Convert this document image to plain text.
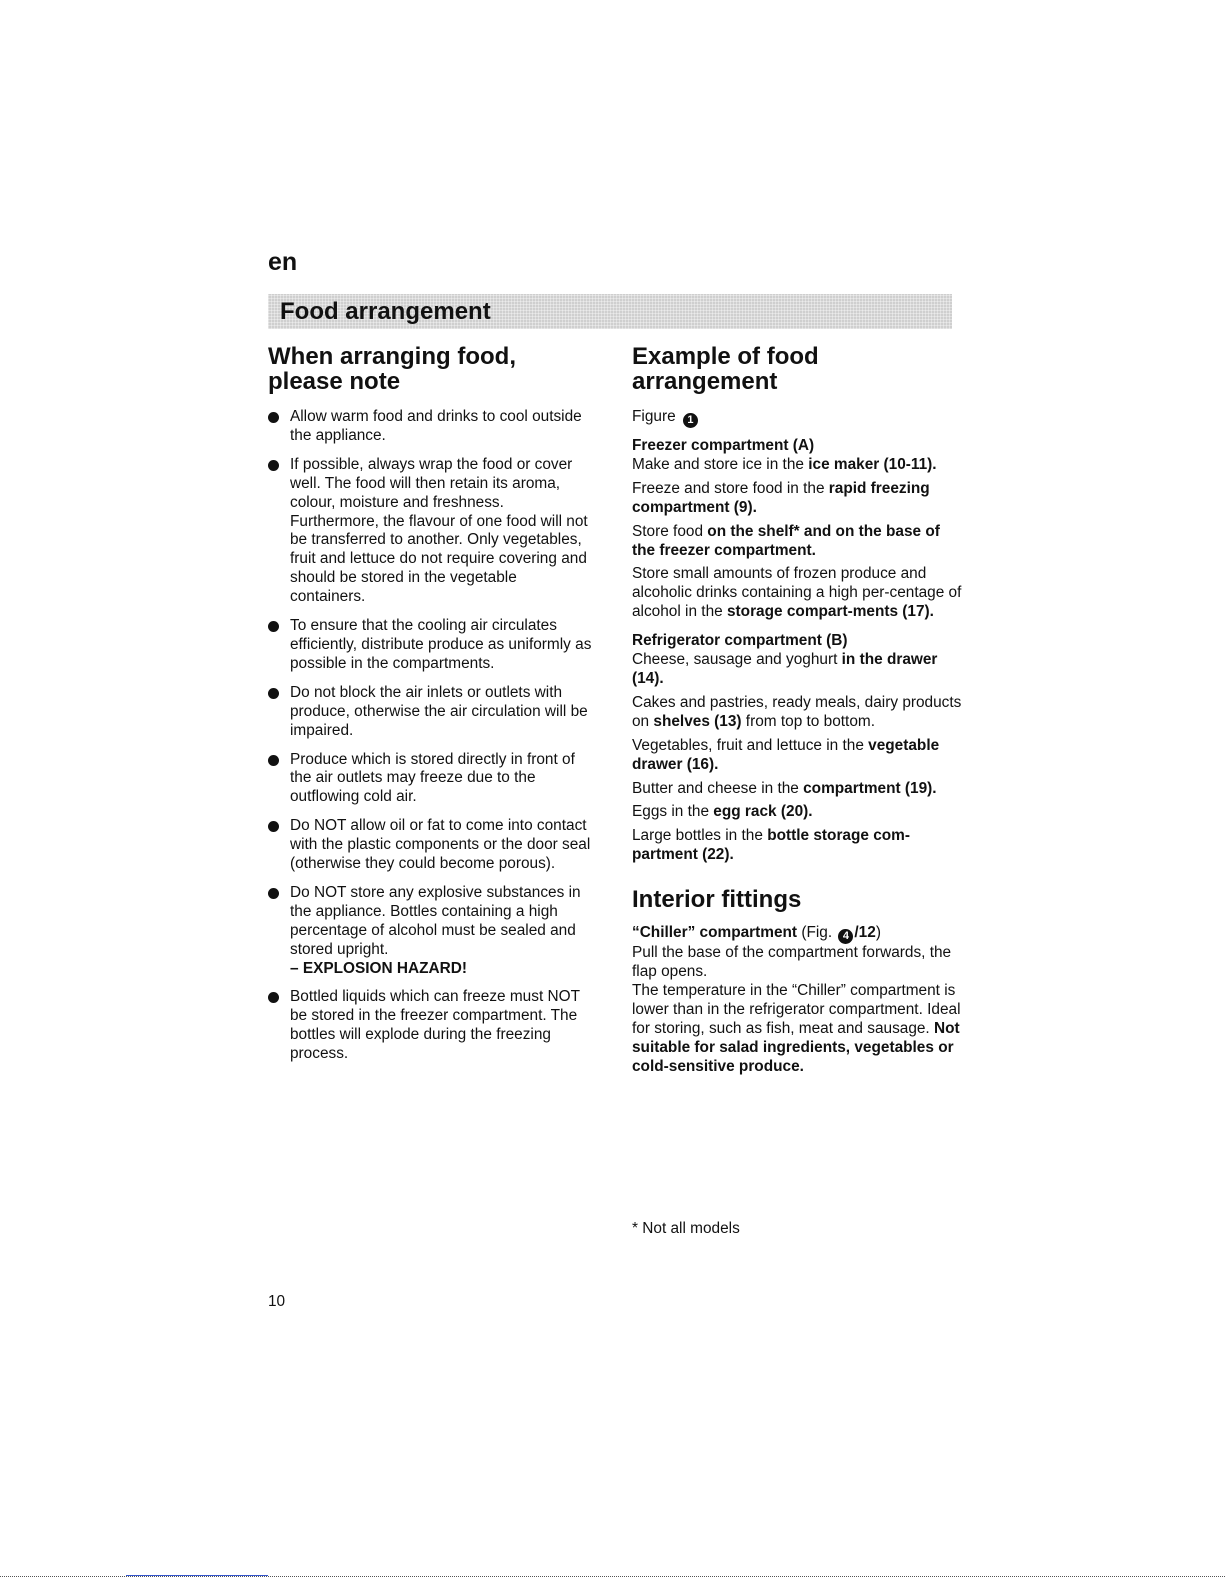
en
Food arrangement
When arranging food, please note
Allow warm food and drinks to cool outside the appliance.
If possible, always wrap the food or cover well. The food will then retain its aroma, colour, moisture and freshness. Furthermore, the flavour of one food will not be transferred to another. Only vegetables, fruit and lettuce do not require covering and should be stored in the vegetable containers.
To ensure that the cooling air circulates efficiently, distribute produce as uniformly as possible in the compartments.
Do not block the air inlets or outlets with produce, otherwise the air circulation will be impaired.
Produce which is stored directly in front of the air outlets may freeze due to the outflowing cold air.
Do NOT allow oil or fat to come into contact with the plastic components or the door seal (otherwise they could become porous).
Do NOT store any explosive substances in the appliance. Bottles containing a high percentage of alcohol must be sealed and stored upright.
– EXPLOSION HAZARD!
Bottled liquids which can freeze must NOT be stored in the freezer compartment. The bottles will explode during the freezing process.
Example of food arrangement

Figure 1

Freezer compartment (A)
Make and store ice in the ice maker (10-11).

Freeze and store food in the rapid freezing compartment (9).

Store food on the shelf* and on the base of the freezer compartment.

Store small amounts of frozen produce and alcoholic drinks containing a high per-centage of alcohol in the storage compart-ments (17).

Refrigerator compartment (B)
Cheese, sausage and yoghurt in the drawer (14).

Cakes and pastries, ready meals, dairy products on shelves (13) from top to bottom.

Vegetables, fruit and lettuce in the vegetable drawer (16).

Butter and cheese in the compartment (19).

Eggs in the egg rack (20).

Large bottles in the bottle storage com-partment (22).

Interior fittings

“Chiller” compartment (Fig. 4 /12)
Pull the base of the compartment forwards, the flap opens.
The temperature in the “Chiller” compartment is lower than in the refrigerator compartment. Ideal for storing, such as fish, meat and sausage. Not suitable for salad ingredients, vegetables or cold-sensitive produce.

* Not all models
10
